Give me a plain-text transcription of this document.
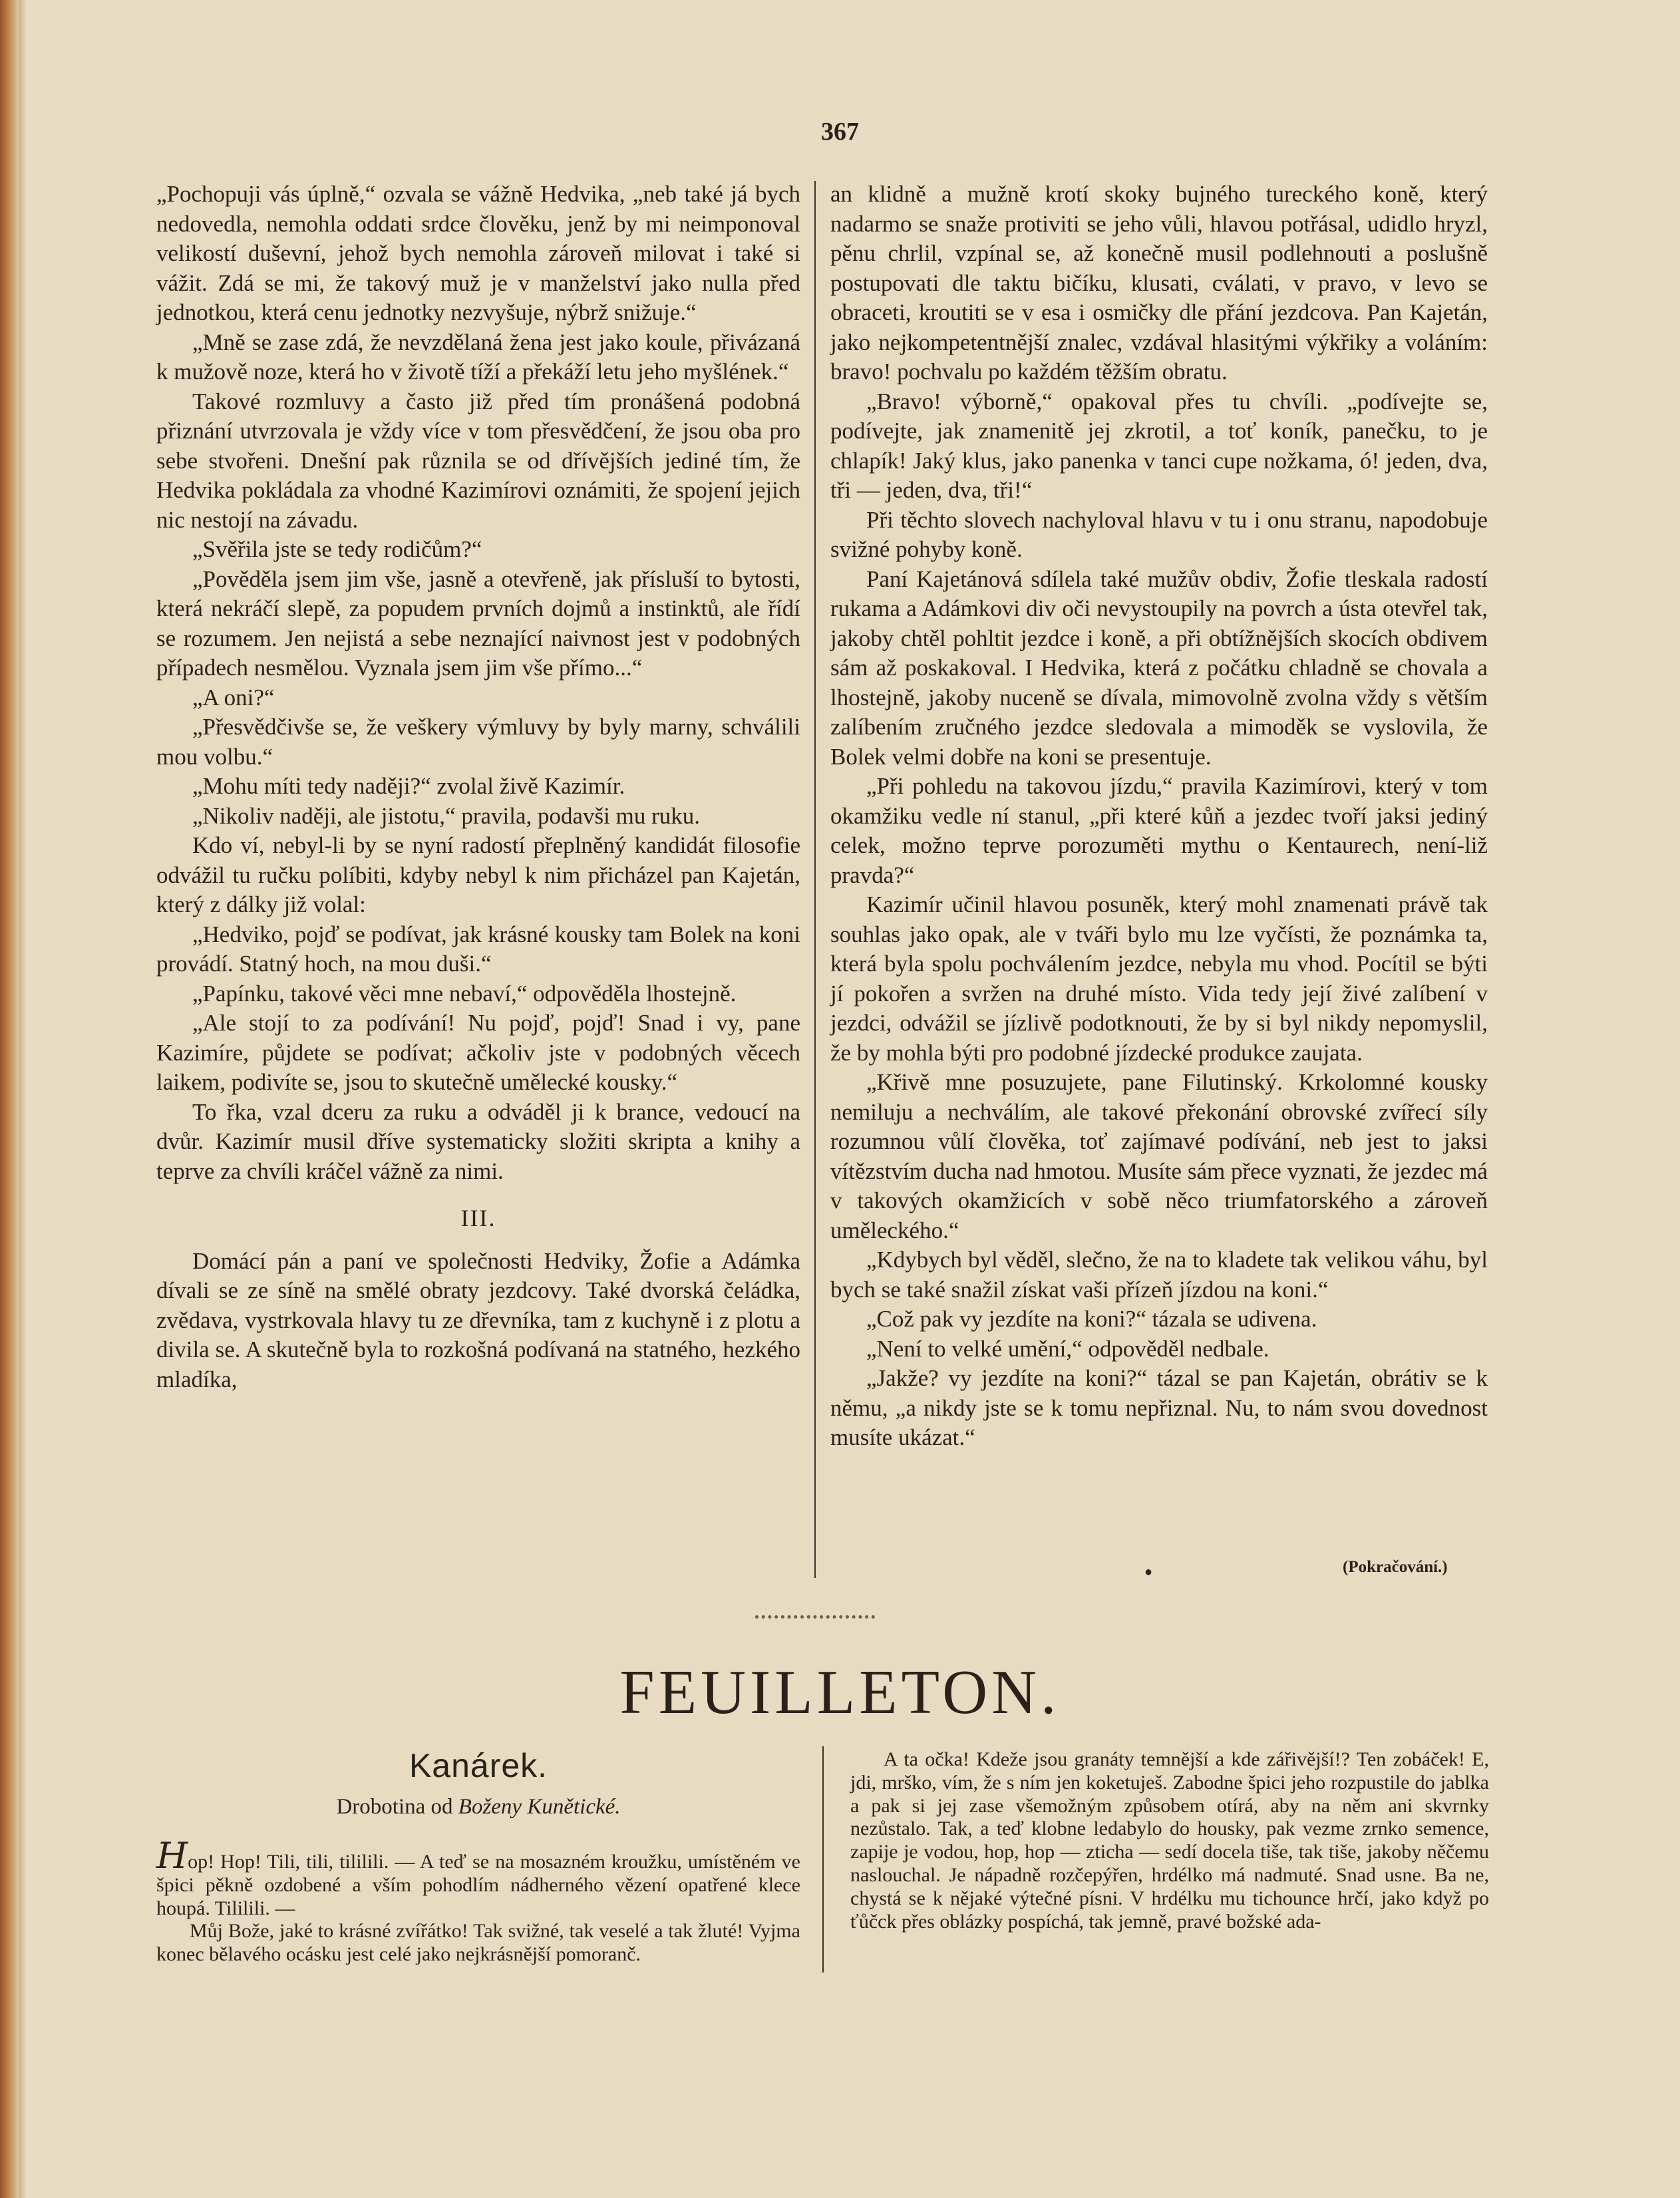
367

„Pochopuji vás úplně,“ ozvala se vážně Hedvika, „neb také já bych nedovedla, nemohla oddati srdce člověku, jenž by mi neimponoval velikostí duševní, jehož bych nemohla zároveň milovat i také si vážit. Zdá se mi, že takový muž je v manželství jako nulla před jednotkou, která cenu jednotky nezvyšuje, nýbrž snižuje.“

„Mně se zase zdá, že nevzdělaná žena jest jako koule, přivázaná k mužově noze, která ho v životě tíží a překáží letu jeho myšlének.“

Takové rozmluvy a často již před tím pronášená podobná přiznání utvrzovala je vždy více v tom přesvědčení, že jsou oba pro sebe stvořeni. Dnešní pak různila se od dřívějších jediné tím, že Hedvika pokládala za vhodné Kazimírovi oznámiti, že spojení jejich nic nestojí na závadu.

„Svěřila jste se tedy rodičům?“

„Pověděla jsem jim vše, jasně a otevřeně, jak přísluší to bytosti, která nekráčí slepě, za popudem prvních dojmů a instinktů, ale řídí se rozumem. Jen nejistá a sebe neznající naivnost jest v podobných případech nesmělou. Vyznala jsem jim vše přímo...“

„A oni?“

„Přesvědčivše se, že veškery výmluvy by byly marny, schválili mou volbu.“

„Mohu míti tedy naději?“ zvolal živě Kazimír.

„Nikoliv naději, ale jistotu,“ pravila, podavši mu ruku.

Kdo ví, nebyl-li by se nyní radostí přeplněný kandidát filosofie odvážil tu ručku políbiti, kdyby nebyl k nim přicházel pan Kajetán, který z dálky již volal:

„Hedviko, pojď se podívat, jak krásné kousky tam Bolek na koni provádí. Statný hoch, na mou duši.“

„Papínku, takové věci mne nebaví,“ odpověděla lhostejně.

„Ale stojí to za podívání! Nu pojď, pojď! Snad i vy, pane Kazimíre, půjdete se podívat; ačkoliv jste v podobných věcech laikem, podivíte se, jsou to skutečně umělecké kousky.“

To řka, vzal dceru za ruku a odváděl ji k brance, vedoucí na dvůr. Kazimír musil dříve systematicky složiti skripta a knihy a teprve za chvíli kráčel vážně za nimi.

III.

Domácí pán a paní ve společnosti Hedviky, Žofie a Adámka dívali se ze síně na smělé obraty jezdcovy. Také dvorská čeládka, zvědava, vystrkovala hlavy tu ze dřevníka, tam z kuchyně i z plotu a divila se. A skutečně byla to rozkošná podívaná na statného, hezkého mladíka,

an klidně a mužně krotí skoky bujného tureckého koně, který nadarmo se snaže protiviti se jeho vůli, hlavou potřásal, udidlo hryzl, pěnu chrlil, vzpínal se, až konečně musil podlehnouti a poslušně postupovati dle taktu bičíku, klusati, cválati, v pravo, v levo se obraceti, kroutiti se v esa i osmičky dle přání jezdcova. Pan Kajetán, jako nejkompetentnější znalec, vzdával hlasitými výkřiky a voláním: bravo! pochvalu po každém těžším obratu.

„Bravo! výborně,“ opakoval přes tu chvíli. „podívejte se, podívejte, jak znamenitě jej zkrotil, a toť koník, panečku, to je chlapík! Jaký klus, jako panenka v tanci cupe nožkama, ó! jeden, dva, tři — jeden, dva, tři!“

Při těchto slovech nachyloval hlavu v tu i onu stranu, napodobuje svižné pohyby koně.

Paní Kajetánová sdílela také mužův obdiv, Žofie tleskala radostí rukama a Adámkovi div oči nevystoupily na povrch a ústa otevřel tak, jakoby chtěl pohltit jezdce i koně, a při obtížnějších skocích obdivem sám až poskakoval. I Hedvika, která z počátku chladně se chovala a lhostejně, jakoby nuceně se dívala, mimovolně zvolna vždy s větším zalíbením zručného jezdce sledovala a mimoděk se vyslovila, že Bolek velmi dobře na koni se presentuje.

„Při pohledu na takovou jízdu,“ pravila Kazimírovi, který v tom okamžiku vedle ní stanul, „při které kůň a jezdec tvoří jaksi jediný celek, možno teprve porozuměti mythu o Kentaurech, není-liž pravda?“

Kazimír učinil hlavou posuněk, který mohl znamenati právě tak souhlas jako opak, ale v tváři bylo mu lze vyčísti, že poznámka ta, která byla spolu pochválením jezdce, nebyla mu vhod. Pocítil se býti jí pokořen a svržen na druhé místo. Vida tedy její živé zalíbení v jezdci, odvážil se jízlivě podotknouti, že by si byl nikdy nepomyslil, že by mohla býti pro podobné jízdecké produkce zaujata.

„Křivě mne posuzujete, pane Filutinský. Krkolomné kousky nemiluju a nechválím, ale takové překonání obrovské zvířecí síly rozumnou vůlí člověka, toť zajímavé podívání, neb jest to jaksi vítězstvím ducha nad hmotou. Musíte sám přece vyznati, že jezdec má v takových okamžicích v sobě něco triumfatorského a zároveň uměleckého.“

„Kdybych byl věděl, slečno, že na to kladete tak velikou váhu, byl bych se také snažil získat vaši přízeň jízdou na koni.“

„Což pak vy jezdíte na koni?“ tázala se udivena.

„Není to velké umění,“ odpověděl nedbale.

„Jakže? vy jezdíte na koni?“ tázal se pan Kajetán, obrátiv se k němu, „a nikdy jste se k tomu nepřiznal. Nu, to nám svou dovednost musíte ukázat.“

●	(Pokračování.)
FEUILLETON.
Kanárek.
Drobotina od Boženy Kunětické.

Hop! Hop! Tili, tili, tililili. — A teď se na mosazném kroužku, umístěném ve špici pěkně ozdobené a vším pohodlím nádherného vězení opatřené klece houpá. Tililili. —

Můj Bože, jaké to krásné zvířátko! Tak svižné, tak veselé a tak žluté! Vyjma konec bělavého ocásku jest celé jako nejkrásnější pomoranč.

A ta očka! Kdeže jsou granáty temnější a kde zářivější!? Ten zobáček! E, jdi, mrško, vím, že s ním jen koketuješ. Zabodne špici jeho rozpustile do jablka a pak si jej zase všemožným způsobem otírá, aby na něm ani skvrnky nezůstalo. Tak, a teď klobne ledabylo do housky, pak vezme zrnko semence, zapije je vodou, hop, hop — zticha — sedí docela tiše, tak tiše, jakoby něčemu naslouchal. Je nápadně rozčepýřen, hrdélko má nadmuté. Snad usne. Ba ne, chystá se k nějaké výtečné písni. V hrdélku mu tichounce hrčí, jako když po ťůčck přes oblázky pospíchá, tak jemně, pravé božské ada-
